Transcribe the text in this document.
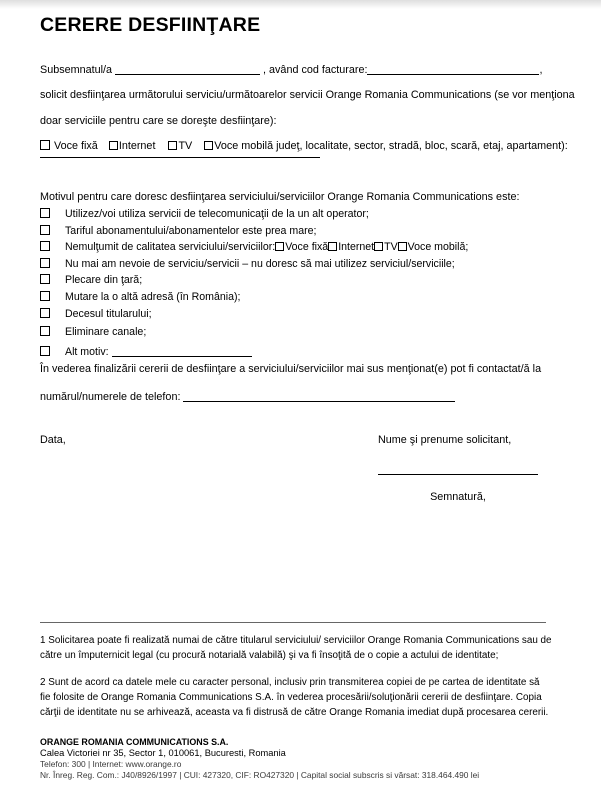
CERERE DESFIINŢARE
Subsemnatul/a	, având cod facturare:	,
solicit desfiinţarea următorului serviciu/următoarelor servicii Orange Romania Communications (se vor menţiona
doar serviciile pentru care se doreşte desfiinţare):
Voce fixă Internet TV Voce mobilă judeţ, localitate, sector, stradă, bloc, scară, etaj, apartament):
Motivul pentru care doresc desfiinţarea serviciului/serviciilor Orange Romania Communications este:
Utilizez/voi utiliza servicii de telecomunicaţii de la un alt operator;
Tariful abonamentului/abonamentelor este prea mare;
Nemulţumit de calitatea serviciului/serviciilor: Voce fixă Internet TV Voce mobilă;
Nu mai am nevoie de serviciu/servicii – nu doresc să mai utilizez serviciul/serviciile;
Plecare din ţară;
Mutare la o altă adresă (în România);
Decesul titularului;
Eliminare canale;
Alt motiv:
În vederea finalizării cererii de desfiinţare a serviciului/serviciilor mai sus menţionat(e) pot fi contactat/ă la
numărul/numerele de telefon:
Data,	Nume şi prenume solicitant,
Semnatură,
1 Solicitarea poate fi realizată numai de către titularul serviciului/ serviciilor Orange Romania Communications sau de către un împuternicit legal (cu procură notarială valabilă) şi va fi însoţită de o copie a actului de identitate;
2 Sunt de acord ca datele mele cu caracter personal, inclusiv prin transmiterea copiei de pe cartea de identitate să fie folosite de Orange Romania Communications S.A. în vederea procesării/soluţionării cererii de desfiinţare. Copia cărţii de identitate nu se arhivează, aceasta va fi distrusă de către Orange Romania imediat după procesarea cererii.
ORANGE ROMANIA COMMUNICATIONS S.A.
Calea Victoriei nr 35, Sector 1, 010061, Bucuresti, Romania
Telefon: 300 | Internet: www.orange.ro
Nr. Înreg. Reg. Com.: J40/8926/1997 | CUI: 427320, CIF: RO427320 | Capital social subscris si vărsat: 318.464.490 lei
